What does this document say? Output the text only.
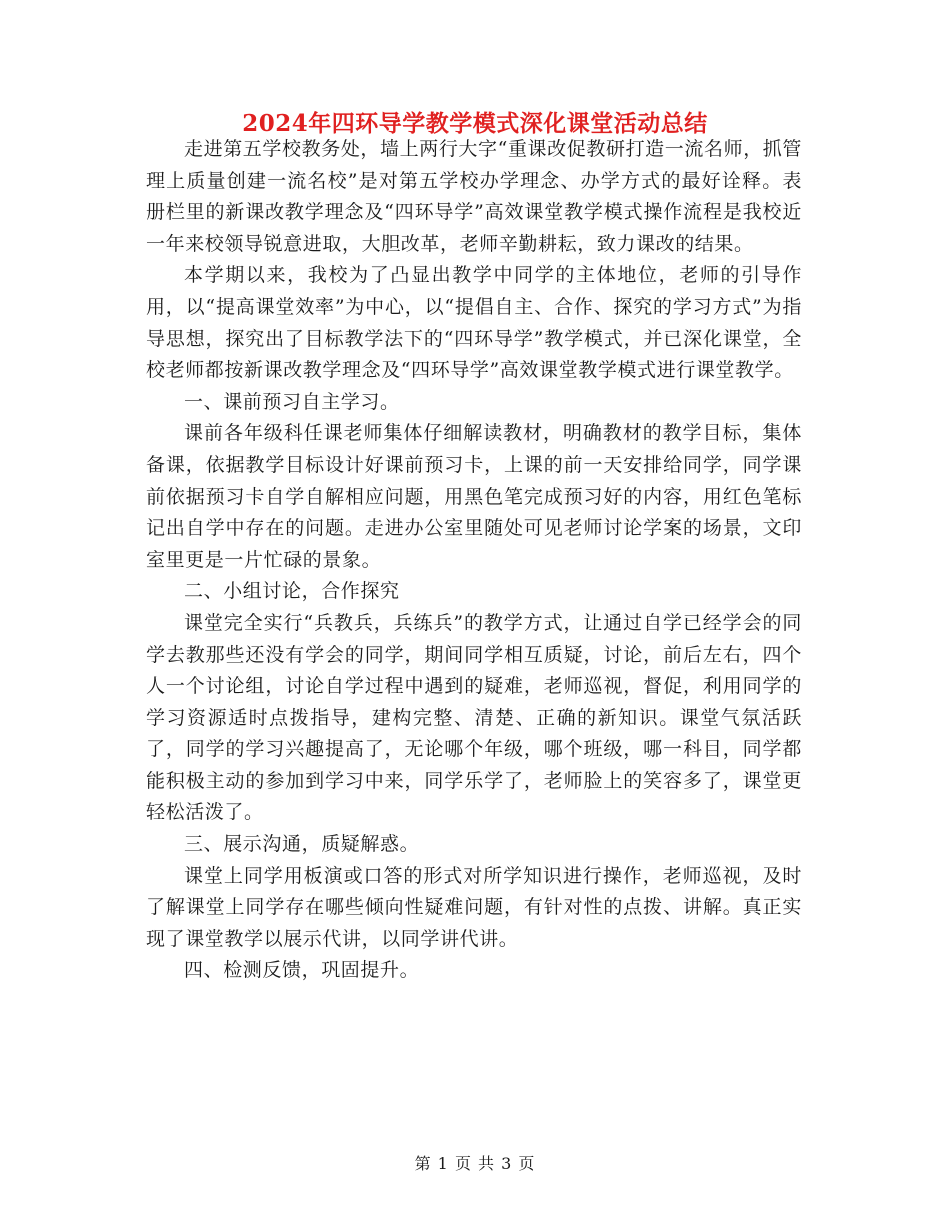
2024年四环导学教学模式深化课堂活动总结

走进第五学校教务处，墙上两行大字“重课改促教研打造一流名师，抓管理上质量创建一流名校”是对第五学校办学理念、办学方式的最好诠释。表册栏里的新课改教学理念及“四环导学”高效课堂教学模式操作流程是我校近一年来校领导锐意进取，大胆改革，老师辛勤耕耘，致力课改的结果。

本学期以来，我校为了凸显出教学中同学的主体地位，老师的引导作用，以“提高课堂效率”为中心，以“提倡自主、合作、探究的学习方式”为指导思想，探究出了目标教学法下的“四环导学”教学模式，并已深化课堂，全校老师都按新课改教学理念及“四环导学”高效课堂教学模式进行课堂教学。

一、课前预习自主学习。

课前各年级科任课老师集体仔细解读教材，明确教材的教学目标，集体备课，依据教学目标设计好课前预习卡，上课的前一天安排给同学，同学课前依据预习卡自学自解相应问题，用黑色笔完成预习好的内容，用红色笔标记出自学中存在的问题。走进办公室里随处可见老师讨论学案的场景，文印室里更是一片忙碌的景象。

二、小组讨论，合作探究

课堂完全实行“兵教兵，兵练兵”的教学方式，让通过自学已经学会的同学去教那些还没有学会的同学，期间同学相互质疑，讨论，前后左右，四个人一个讨论组，讨论自学过程中遇到的疑难，老师巡视，督促，利用同学的学习资源适时点拨指导，建构完整、清楚、正确的新知识。课堂气氛活跃了，同学的学习兴趣提高了，无论哪个年级，哪个班级，哪一科目，同学都能积极主动的参加到学习中来，同学乐学了，老师脸上的笑容多了，课堂更轻松活泼了。

三、展示沟通，质疑解惑。

课堂上同学用板演或口答的形式对所学知识进行操作，老师巡视，及时了解课堂上同学存在哪些倾向性疑难问题，有针对性的点拨、讲解。真正实现了课堂教学以展示代讲，以同学讲代讲。

四、检测反馈，巩固提升。

第 1 页 共 3 页
